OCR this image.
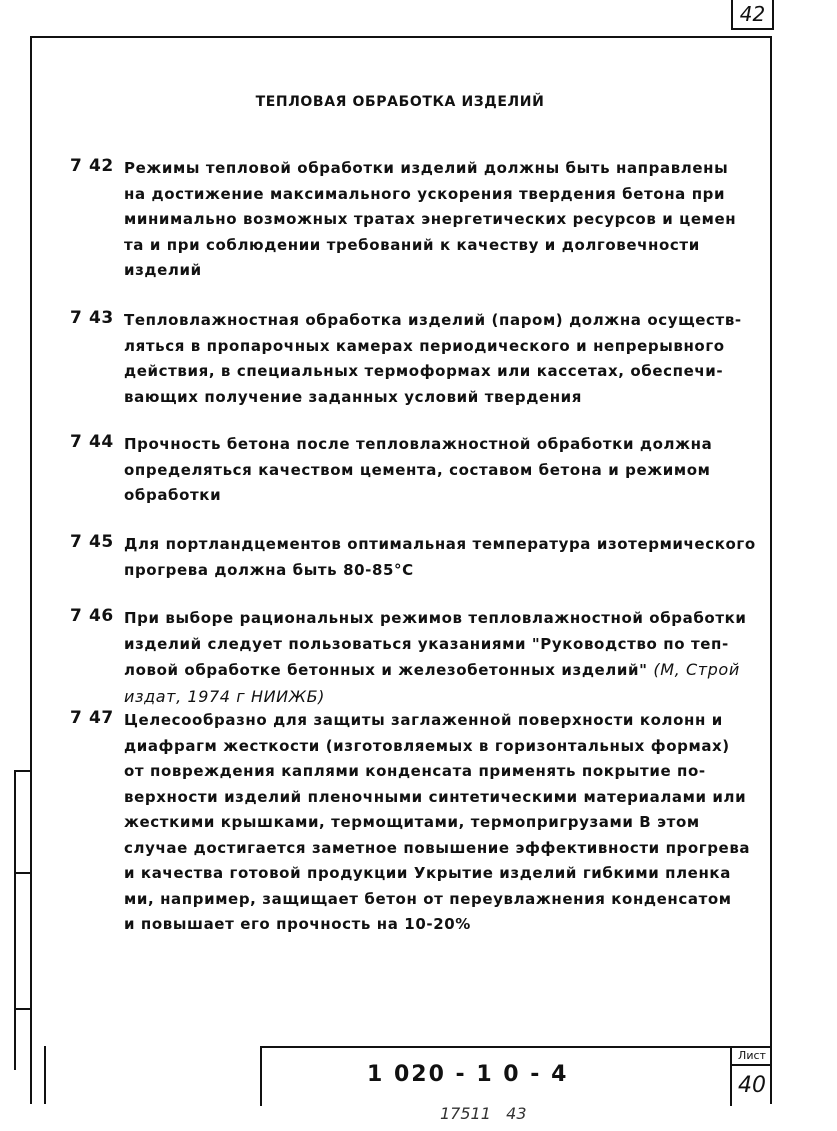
42
ТЕПЛОВАЯ ОБРАБОТКА ИЗДЕЛИЙ
7 42 Режимы тепловой обработки изделий должны быть направлены
на достижение максимального ускорения твердения бетона при
минимально возможных тратах энергетических ресурсов и цемен
та и при соблюдении требований к качеству и долговечности
изделий
7 43 Тепловлажностная обработка изделий (паром) должна осуществ-
ляться в пропарочных камерах периодического и непрерывного
действия, в специальных термоформах или кассетах, обеспечи-
вающих получение заданных условий твердения
7 44 Прочность бетона после тепловлажностной обработки должна
определяться качеством цемента, составом бетона и режимом
обработки
7 45 Для портландцементов оптимальная температура изотермического
прогрева должна быть 80-85°С
7 46 При выборе рациональных режимов тепловлажностной обработки
изделий следует пользоваться указаниями "Руководство по теп-
ловой обработке бетонных и железобетонных изделий" (М, Строй
издат, 1974 г НИИЖБ)
7 47 Целесообразно для защиты заглаженной поверхности колонн и
диафрагм жесткости (изготовляемых в горизонтальных формах)
от повреждения каплями конденсата применять покрытие по-
верхности изделий пленочными синтетическими материалами или
жесткими крышками, термощитами, термопригрузами В этом
случае достигается заметное повышение эффективности прогрева
и качества готовой продукции Укрытие изделий гибкими пленка
ми, например, защищает бетон от переувлажнения конденсатом
и повышает его прочность на 10-20%
1 020 - 1 0 - 4
Лист
40
17511   43
